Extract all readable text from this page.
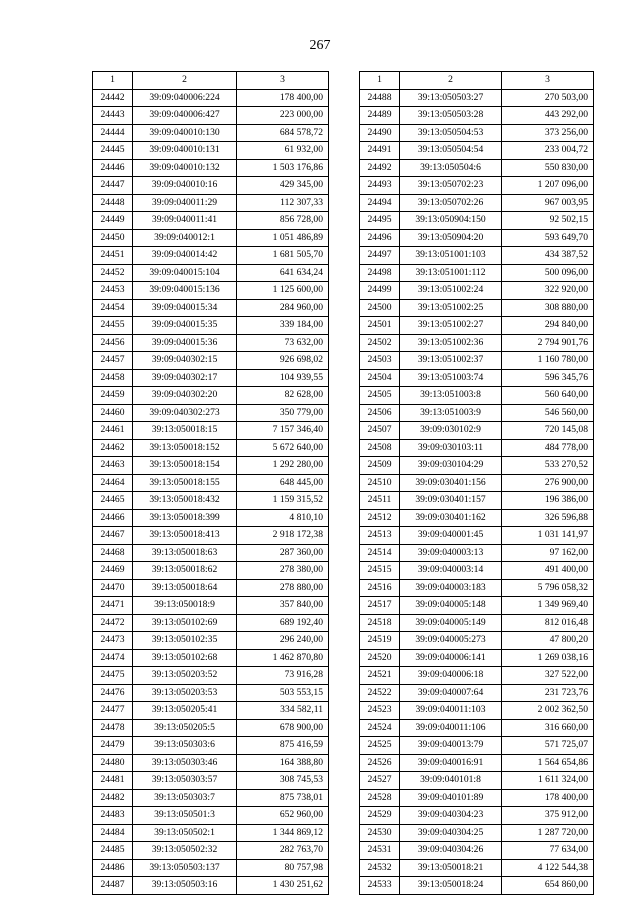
267
1	2	3
24442	39:09:040006:224	178 400,00
24443	39:09:040006:427	223 000,00
24444	39:09:040010:130	684 578,72
24445	39:09:040010:131	61 932,00
24446	39:09:040010:132	1 503 176,86
24447	39:09:040010:16	429 345,00
24448	39:09:040011:29	112 307,33
24449	39:09:040011:41	856 728,00
24450	39:09:040012:1	1 051 486,89
24451	39:09:040014:42	1 681 505,70
24452	39:09:040015:104	641 634,24
24453	39:09:040015:136	1 125 600,00
24454	39:09:040015:34	284 960,00
24455	39:09:040015:35	339 184,00
24456	39:09:040015:36	73 632,00
24457	39:09:040302:15	926 698,02
24458	39:09:040302:17	104 939,55
24459	39:09:040302:20	82 628,00
24460	39:09:040302:273	350 779,00
24461	39:13:050018:15	7 157 346,40
24462	39:13:050018:152	5 672 640,00
24463	39:13:050018:154	1 292 280,00
24464	39:13:050018:155	648 445,00
24465	39:13:050018:432	1 159 315,52
24466	39:13:050018:399	4 810,10
24467	39:13:050018:413	2 918 172,38
24468	39:13:050018:63	287 360,00
24469	39:13:050018:62	278 380,00
24470	39:13:050018:64	278 880,00
24471	39:13:050018:9	357 840,00
24472	39:13:050102:69	689 192,40
24473	39:13:050102:35	296 240,00
24474	39:13:050102:68	1 462 870,80
24475	39:13:050203:52	73 916,28
24476	39:13:050203:53	503 553,15
24477	39:13:050205:41	334 582,11
24478	39:13:050205:5	678 900,00
24479	39:13:050303:6	875 416,59
24480	39:13:050303:46	164 388,80
24481	39:13:050303:57	308 745,53
24482	39:13:050303:7	875 738,01
24483	39:13:050501:3	652 960,00
24484	39:13:050502:1	1 344 869,12
24485	39:13:050502:32	282 763,70
24486	39:13:050503:137	80 757,98
24487	39:13:050503:16	1 430 251,62
1	2	3
24488	39:13:050503:27	270 503,00
24489	39:13:050503:28	443 292,00
24490	39:13:050504:53	373 256,00
24491	39:13:050504:54	233 004,72
24492	39:13:050504:6	550 830,00
24493	39:13:050702:23	1 207 096,00
24494	39:13:050702:26	967 003,95
24495	39:13:050904:150	92 502,15
24496	39:13:050904:20	593 649,70
24497	39:13:051001:103	434 387,52
24498	39:13:051001:112	500 096,00
24499	39:13:051002:24	322 920,00
24500	39:13:051002:25	308 880,00
24501	39:13:051002:27	294 840,00
24502	39:13:051002:36	2 794 901,76
24503	39:13:051002:37	1 160 780,00
24504	39:13:051003:74	596 345,76
24505	39:13:051003:8	560 640,00
24506	39:13:051003:9	546 560,00
24507	39:09:030102:9	720 145,08
24508	39:09:030103:11	484 778,00
24509	39:09:030104:29	533 270,52
24510	39:09:030401:156	276 900,00
24511	39:09:030401:157	196 386,00
24512	39:09:030401:162	326 596,88
24513	39:09:040001:45	1 031 141,97
24514	39:09:040003:13	97 162,00
24515	39:09:040003:14	491 400,00
24516	39:09:040003:183	5 796 058,32
24517	39:09:040005:148	1 349 969,40
24518	39:09:040005:149	812 016,48
24519	39:09:040005:273	47 800,20
24520	39:09:040006:141	1 269 038,16
24521	39:09:040006:18	327 522,00
24522	39:09:040007:64	231 723,76
24523	39:09:040011:103	2 002 362,50
24524	39:09:040011:106	316 660,00
24525	39:09:040013:79	571 725,07
24526	39:09:040016:91	1 564 654,86
24527	39:09:040101:8	1 611 324,00
24528	39:09:040101:89	178 400,00
24529	39:09:040304:23	375 912,00
24530	39:09:040304:25	1 287 720,00
24531	39:09:040304:26	77 634,00
24532	39:13:050018:21	4 122 544,38
24533	39:13:050018:24	654 860,00
